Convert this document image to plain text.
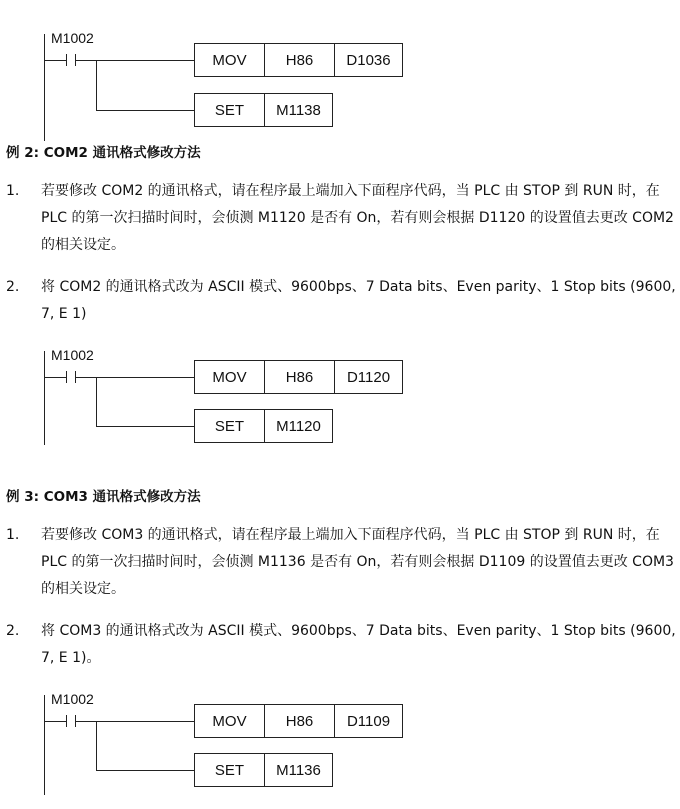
M1002
MOV	H86	D1036
SET	M1138
例 2: COM2 通讯格式修改方法
1. 若要修改 COM2 的通讯格式，请在程序最上端加入下面程序代码，当 PLC 由 STOP 到 RUN 时，在 PLC 的第一次扫描时间时，会侦测 M1120 是否有 On，若有则会根据 D1120 的设置值去更改 COM2 的相关设定。
2. 将 COM2 的通讯格式改为 ASCII 模式、9600bps、7 Data bits、Even parity、1 Stop bits (9600, 7, E 1)
M1002
MOV	H86	D1120
SET	M1120
例 3: COM3 通讯格式修改方法
1. 若要修改 COM3 的通讯格式，请在程序最上端加入下面程序代码，当 PLC 由 STOP 到 RUN 时，在 PLC 的第一次扫描时间时，会侦测 M1136 是否有 On，若有则会根据 D1109 的设置值去更改 COM3 的相关设定。
2. 将 COM3 的通讯格式改为 ASCII 模式、9600bps、7 Data bits、Even parity、1 Stop bits (9600, 7, E 1)。
M1002
MOV	H86	D1109
SET	M1136
